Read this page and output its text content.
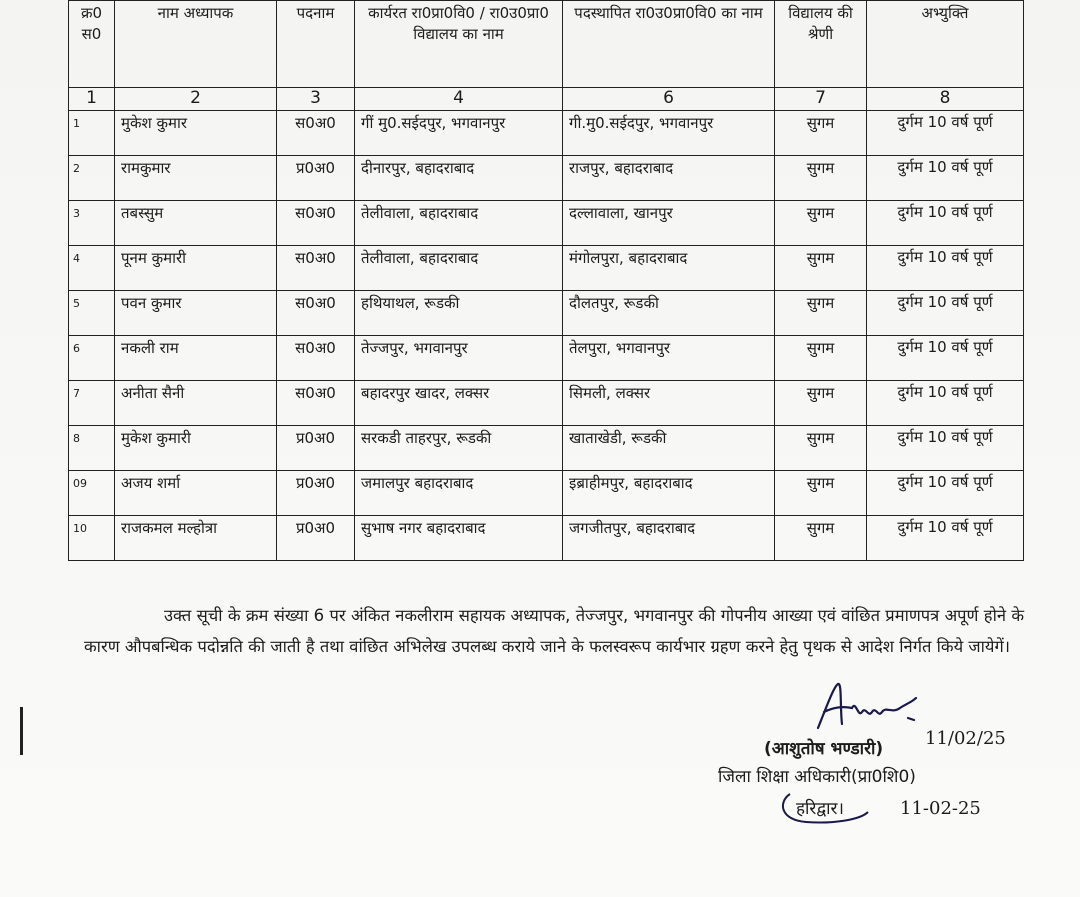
क्र0 स0	नाम अध्यापक	पदनाम	कार्यरत रा0प्रा0वि0 / रा0उ0प्रा0 विद्यालय का नाम	पदस्थापित रा0उ0प्रा0वि0 का नाम	विद्यालय की श्रेणी	अभ्युक्ति
1	2	3	4	6	7	8
1	मुकेश कुमार	स0अ0	गीं मु0.सईदपुर, भगवानपुर	गी.मु0.सईदपुर, भगवानपुर	सुगम	दुर्गम 10 वर्ष पूर्ण
2	रामकुमार	प्र0अ0	दीनारपुर, बहादराबाद	राजपुर, बहादराबाद	सुगम	दुर्गम 10 वर्ष पूर्ण
3	तबस्सुम	स0अ0	तेलीवाला, बहादराबाद	दल्लावाला, खानपुर	सुगम	दुर्गम 10 वर्ष पूर्ण
4	पूनम कुमारी	स0अ0	तेलीवाला, बहादराबाद	मंगोलपुरा, बहादराबाद	सुगम	दुर्गम 10 वर्ष पूर्ण
5	पवन कुमार	स0अ0	हथियाथल, रूडकी	दौलतपुर, रूडकी	सुगम	दुर्गम 10 वर्ष पूर्ण
6	नकली राम	स0अ0	तेज्जपुर, भगवानपुर	तेलपुरा, भगवानपुर	सुगम	दुर्गम 10 वर्ष पूर्ण
7	अनीता सैनी	स0अ0	बहादरपुर खादर, लक्सर	सिमली, लक्सर	सुगम	दुर्गम 10 वर्ष पूर्ण
8	मुकेश कुमारी	प्र0अ0	सरकडी ताहरपुर, रूडकी	खाताखेडी, रूडकी	सुगम	दुर्गम 10 वर्ष पूर्ण
09	अजय शर्मा	प्र0अ0	जमालपुर बहादराबाद	इब्राहीमपुर, बहादराबाद	सुगम	दुर्गम 10 वर्ष पूर्ण
10	राजकमल मल्होत्रा	प्र0अ0	सुभाष नगर बहादराबाद	जगजीतपुर, बहादराबाद	सुगम	दुर्गम 10 वर्ष पूर्ण

उक्त सूची के क्रम संख्या 6 पर अंकित नकलीराम सहायक अध्यापक, तेज्जपुर, भगवानपुर की गोपनीय आख्या एवं वांछित प्रमाणपत्र अपूर्ण होने के कारण औपबन्धिक पदोन्नति की जाती है तथा वांछित अभिलेख उपलब्ध कराये जाने के फलस्वरूप कार्यभार ग्रहण करने हेतु पृथक से आदेश निर्गत किये जायेगें।

(आशुतोष भण्डारी) 11/02/25
जिला शिक्षा अधिकारी(प्रा0शि0)
हरिद्वार।	11-02-25
